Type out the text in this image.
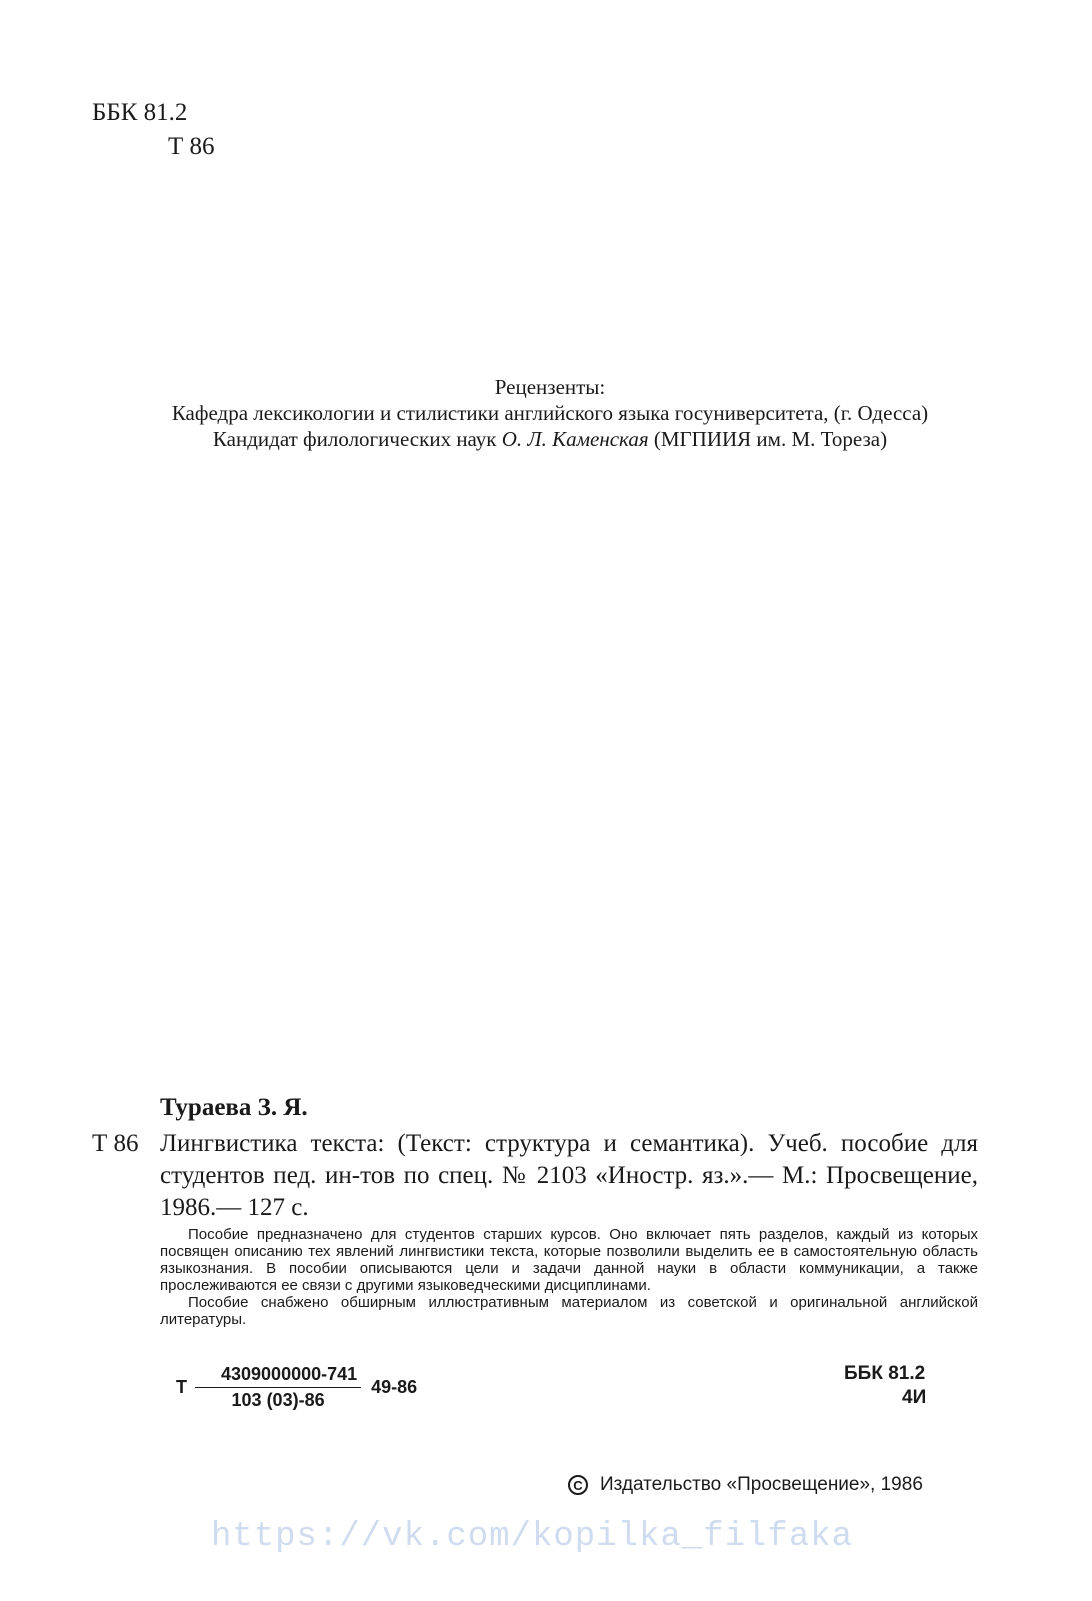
ББК 81.2
Т 86
Рецензенты:
Кафедра лексикологии и стилистики английского языка госуниверситета, (г. Одесса)
Кандидат филологических наук О. Л. Каменская (МГПИИЯ им. М. Тореза)
Тураева З. Я.
Т 86 Лингвистика текста: (Текст: структура и семантика). Учеб. пособие для студентов пед. ин-тов по спец. № 2103 «Иностр. яз.».— М.: Просвещение, 1986.— 127 с.

Пособие предназначено для студентов старших курсов. Оно включает пять разделов, каждый из которых посвящен описанию тех явлений лингвистики текста, которые позволили выделить ее в самостоятельную область языкознания. В пособии описываются цели и задачи данной науки в области коммуникации, а также прослеживаются ее связи с другими языковедческими дисциплинами.

Пособие снабжено обширным иллюстративным материалом из советской и оригинальной английской литературы.

Т $\frac{4309000000-741}{103 (03)-86} 49-86$
ББК 81.2
4И
С Издательство «Просвещение», 1986
https://vk.com/kopilka_filfaka
